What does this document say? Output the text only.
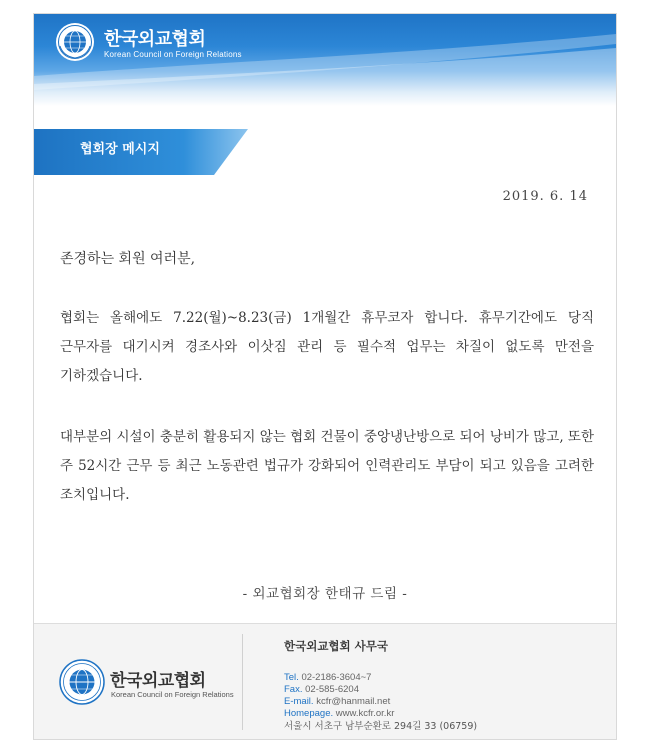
한국외교협회
Korean Council on Foreign Relations
협회장 메시지
2019. 6. 14
존경하는 회원 여러분,

협회는 올해에도 7.22(월)~8.23(금) 1개월간 휴무코자 합니다. 휴무기간에도 당직 근무자를 대기시켜 경조사와 이삿짐 관리 등 필수적 업무는 차질이 없도록 만전을 기하겠습니다.

대부분의 시설이 충분히 활용되지 않는 협회 건물이 중앙냉난방으로 되어 낭비가 많고, 또한 주 52시간 근무 등 최근 노동관련 법규가 강화되어 인력관리도 부담이 되고 있음을 고려한 조치입니다.

- 외교협회장 한태규 드림 -
한국외교협회
Korean Council on Foreign Relations
한국외교협회 사무국
Tel. 02-2186-3604~7
Fax. 02-585-6204
E-mail. kcfr@hanmail.net
Homepage. www.kcfr.or.kr
서울시 서초구 남부순환로 294길 33 (06759)
